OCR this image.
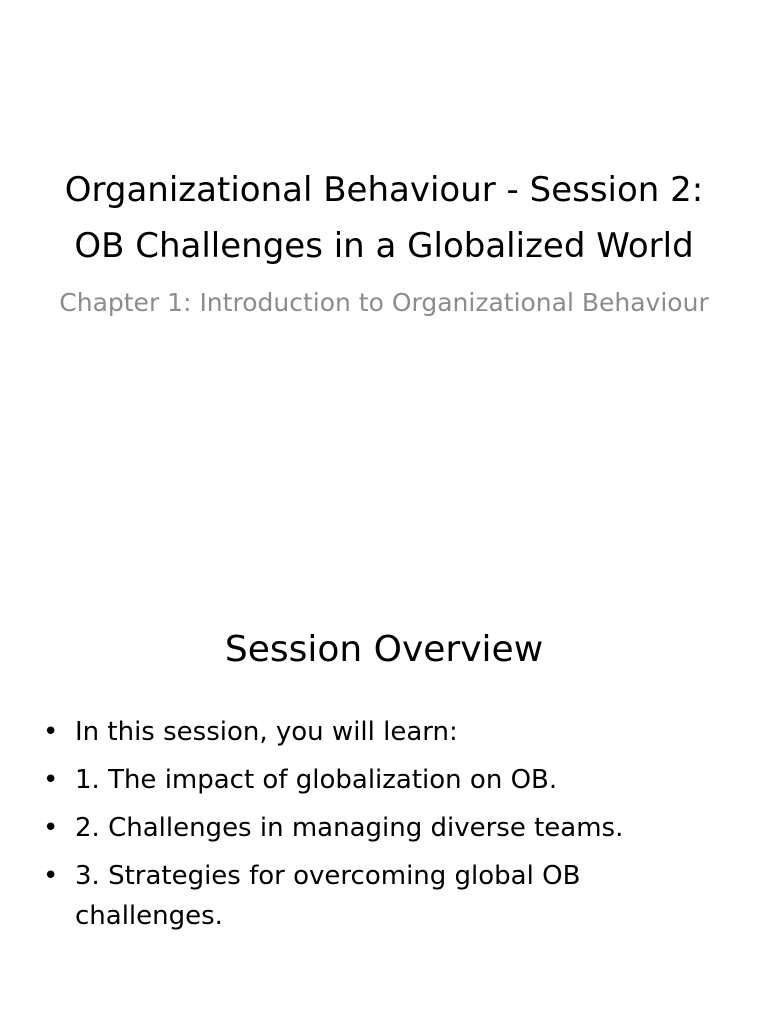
Organizational Behaviour - Session 2: OB Challenges in a Globalized World

Chapter 1: Introduction to Organizational Behaviour

Session Overview
• In this session, you will learn:
• 1. The impact of globalization on OB.
• 2. Challenges in managing diverse teams.
• 3. Strategies for overcoming global OB challenges.
